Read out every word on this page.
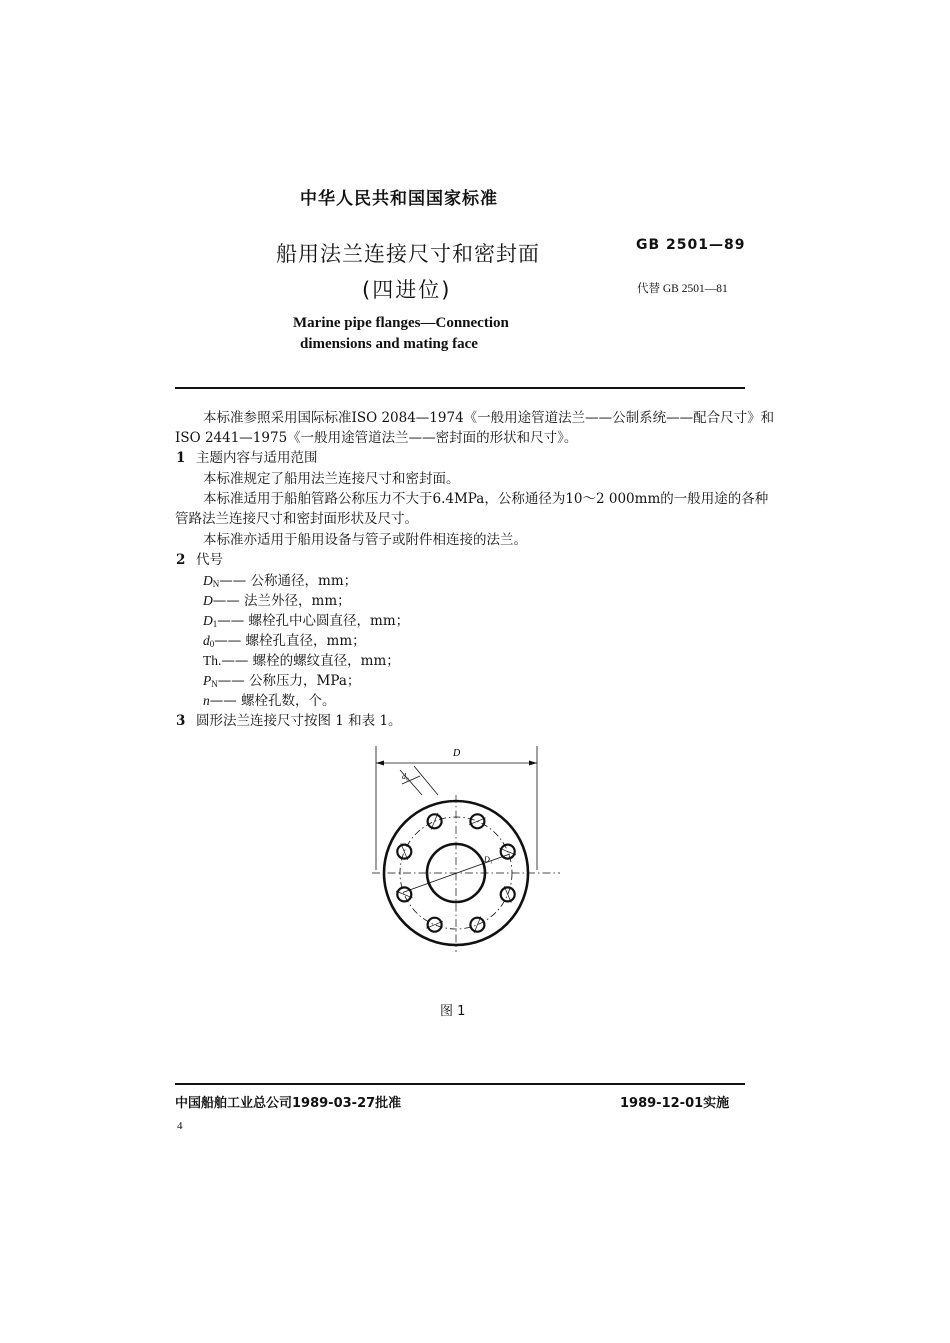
中华人民共和国国家标准
船用法兰连接尺寸和密封面
(四进位)
GB 2501—89
代替 GB 2501—81
Marine pipe flanges—Connection
dimensions and mating face
本标准参照采用国际标准ISO 2084—1974《一般用途管道法兰——公制系统——配合尺寸》和
ISO 2441—1975《一般用途管道法兰——密封面的形状和尺寸》。
1 主题内容与适用范围
本标准规定了船用法兰连接尺寸和密封面。
本标准适用于船舶管路公称压力不大于6.4MPa，公称通径为10～2 000mm的一般用途的各种
管路法兰连接尺寸和密封面形状及尺寸。
本标准亦适用于船用设备与管子或附件相连接的法兰。
2 代号
$D_N——$ 公称通径，mm；
D—— 法兰外径，mm；
$D_1——$ 螺栓孔中心圆直径，mm；
$d_0——$ 螺栓孔直径，mm；
Th.—— 螺栓的螺纹直径，mm；
$P_N——$ 公称压力，MPa；
n—— 螺栓孔数，个。
3 圆形法兰连接尺寸按图 1 和表 1。
D
d₀
D₁
图 1
中国船舶工业总公司1989-03-27批准	1989-12-01实施
4
